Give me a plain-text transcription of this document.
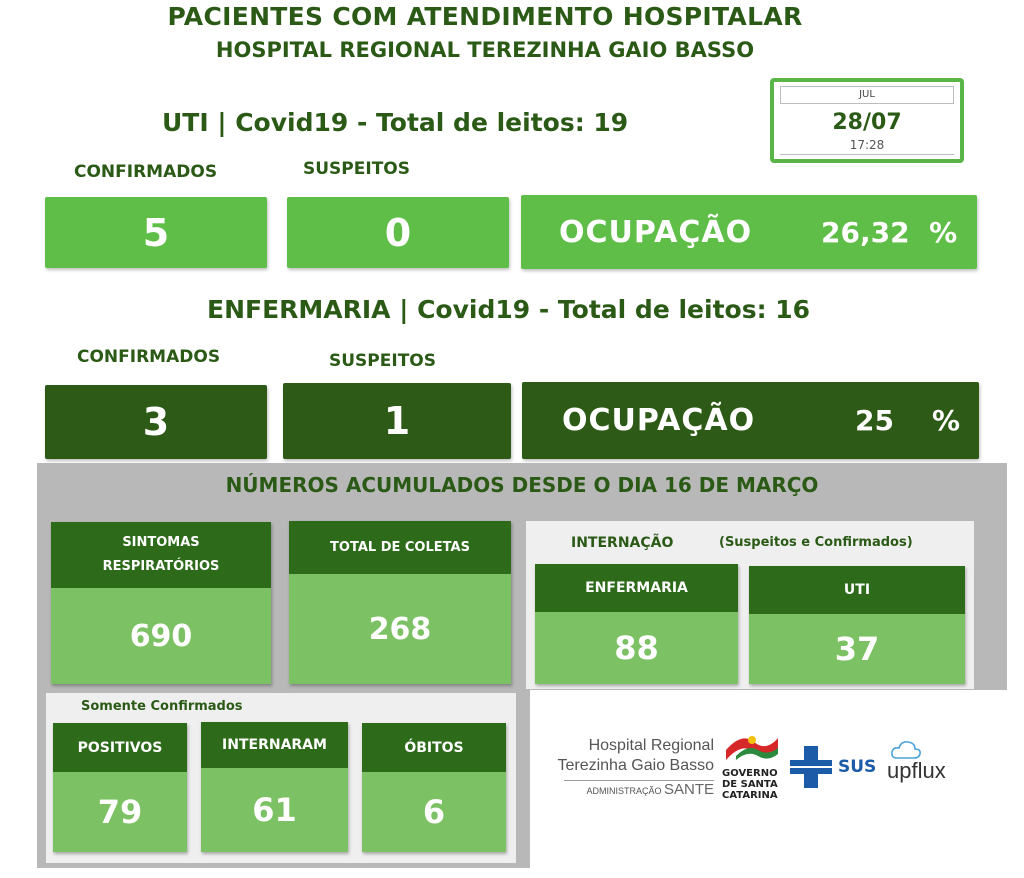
PACIENTES COM ATENDIMENTO HOSPITALAR
HOSPITAL REGIONAL TEREZINHA GAIO BASSO
JUL
28/07
17:28
UTI | Covid19 - Total de leitos: 19
CONFIRMADOS	SUSPEITOS
5	0	OCUPAÇÃO 26,32  %
ENFERMARIA | Covid19 - Total de leitos: 16
CONFIRMADOS	SUSPEITOS
3	1	OCUPAÇÃO	25 %
NÚMEROS ACUMULADOS DESDE O DIA 16 DE MARÇO
SINTOMAS
RESPIRATÓRIOS
690
TOTAL DE COLETAS
268
INTERNAÇÃO	(Suspeitos e Confirmados)
ENFERMARIA
88
UTI
37
Somente Confirmados
POSITIVOS
79
INTERNARAM
61
ÓBITOS
6
Hospital Regional
Terezinha Gaio Basso
ADMINISTRAÇÃO SANTE
GOVERNO
DE SANTA
CATARINA
SUS upflux
